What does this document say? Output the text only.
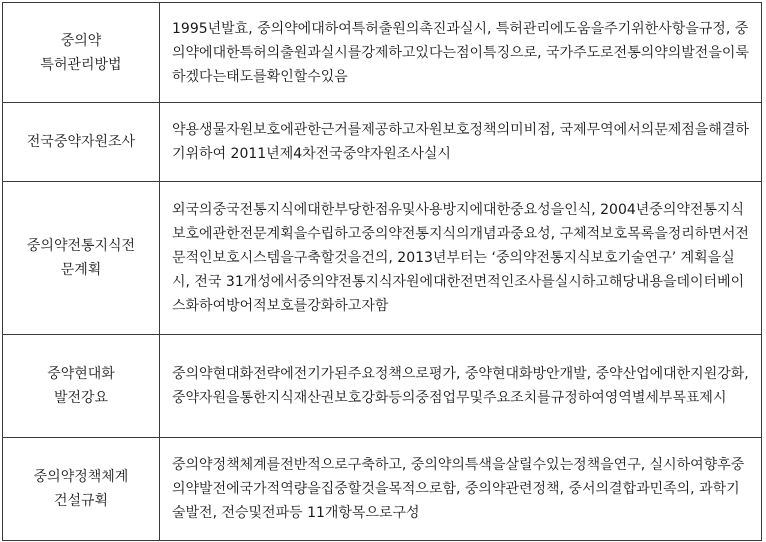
중의약
특허관리방법	1995년발효, 중의약에대하여특허출원의촉진과실시, 특허관리에도움을주기위한사항을규정, 중의약에대한특허의출원과실시를강제하고있다는점이특징으로, 국가주도로전통의약의발전을이룩하겠다는태도를확인할수있음

전국중약자원조사	약용생물자원보호에관한근거를제공하고자원보호정책의미비점, 국제무역에서의문제점을해결하기위하여 2011년제4차전국중약자원조사실시

중의약전통지식전
문계획	외국의중국전통지식에대한부당한점유및사용방지에대한중요성을인식, 2004년중의약전통지식보호에관한전문계획을수립하고중의약전통지식의개념과중요성, 구체적보호목록을정리하면서전문적인보호시스템을구축할것을건의, 2013년부터는 ‘중의약전통지식보호기술연구’ 계획을실시, 전국 31개성에서중의약전통지식자원에대한전면적인조사를실시하고해당내용을데이터베이스화하여방어적보호를강화하고자함

중약현대화
발전강요	중의약현대화전략에전기가된주요정책으로평가, 중약현대화방안개발, 중약산업에대한지원강화, 중약자원을통한지식재산권보호강화등의중점업무및주요조치를규정하여영역별세부목표제시

중의약정책체계
건설규획	중의약정책체계를전반적으로구축하고, 중의약의특색을살릴수있는정책을연구, 실시하여향후중의약발전에국가적역량을집중할것을목적으로함, 중의약관련정책, 중서의결합과민족의, 과학기술발전, 전승및전파등 11개항목으로구성
